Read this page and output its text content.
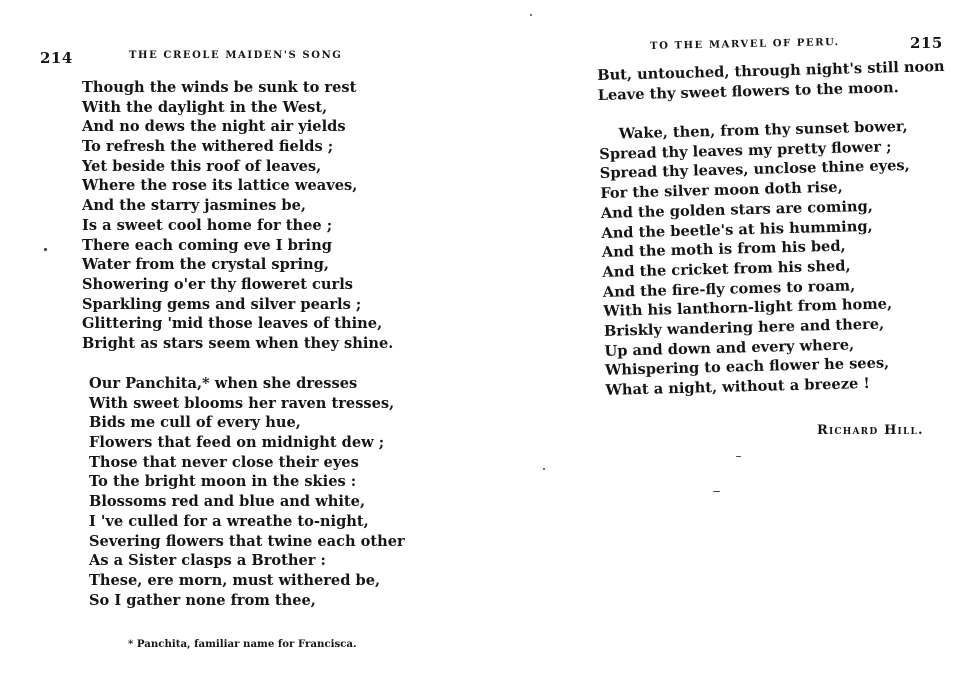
214	THE CREOLE MAIDEN'S SONG
Though the winds be sunk to rest
With the daylight in the West,
And no dews the night air yields
To refresh the withered fields ;
Yet beside this roof of leaves,
Where the rose its lattice weaves,
And the starry jasmines be,
Is a sweet cool home for thee ;
There each coming eve I bring
Water from the crystal spring,
Showering o'er thy floweret curls
Sparkling gems and silver pearls ;
Glittering 'mid those leaves of thine,
Bright as stars seem when they shine.
Our Panchita,* when she dresses
With sweet blooms her raven tresses,
Bids me cull of every hue,
Flowers that feed on midnight dew ;
Those that never close their eyes
To the bright moon in the skies :
Blossoms red and blue and white,
I 've culled for a wreathe to-night,
Severing flowers that twine each other
As a Sister clasps a Brother :
These, ere morn, must withered be,
So I gather none from thee,
* Panchita, familiar name for Francisca.
TO THE MARVEL OF PERU.	215
But, untouched, through night's still noon
Leave thy sweet flowers to the moon.
Wake, then, from thy sunset bower,
Spread thy leaves my pretty flower ;
Spread thy leaves, unclose thine eyes,
For the silver moon doth rise,
And the golden stars are coming,
And the beetle's at his humming,
And the moth is from his bed,
And the cricket from his shed,
And the fire-fly comes to roam,
With his lanthorn-light from home,
Briskly wandering here and there,
Up and down and every where,
Whispering to each flower he sees,
What a night, without a breeze !
Richard Hill.
